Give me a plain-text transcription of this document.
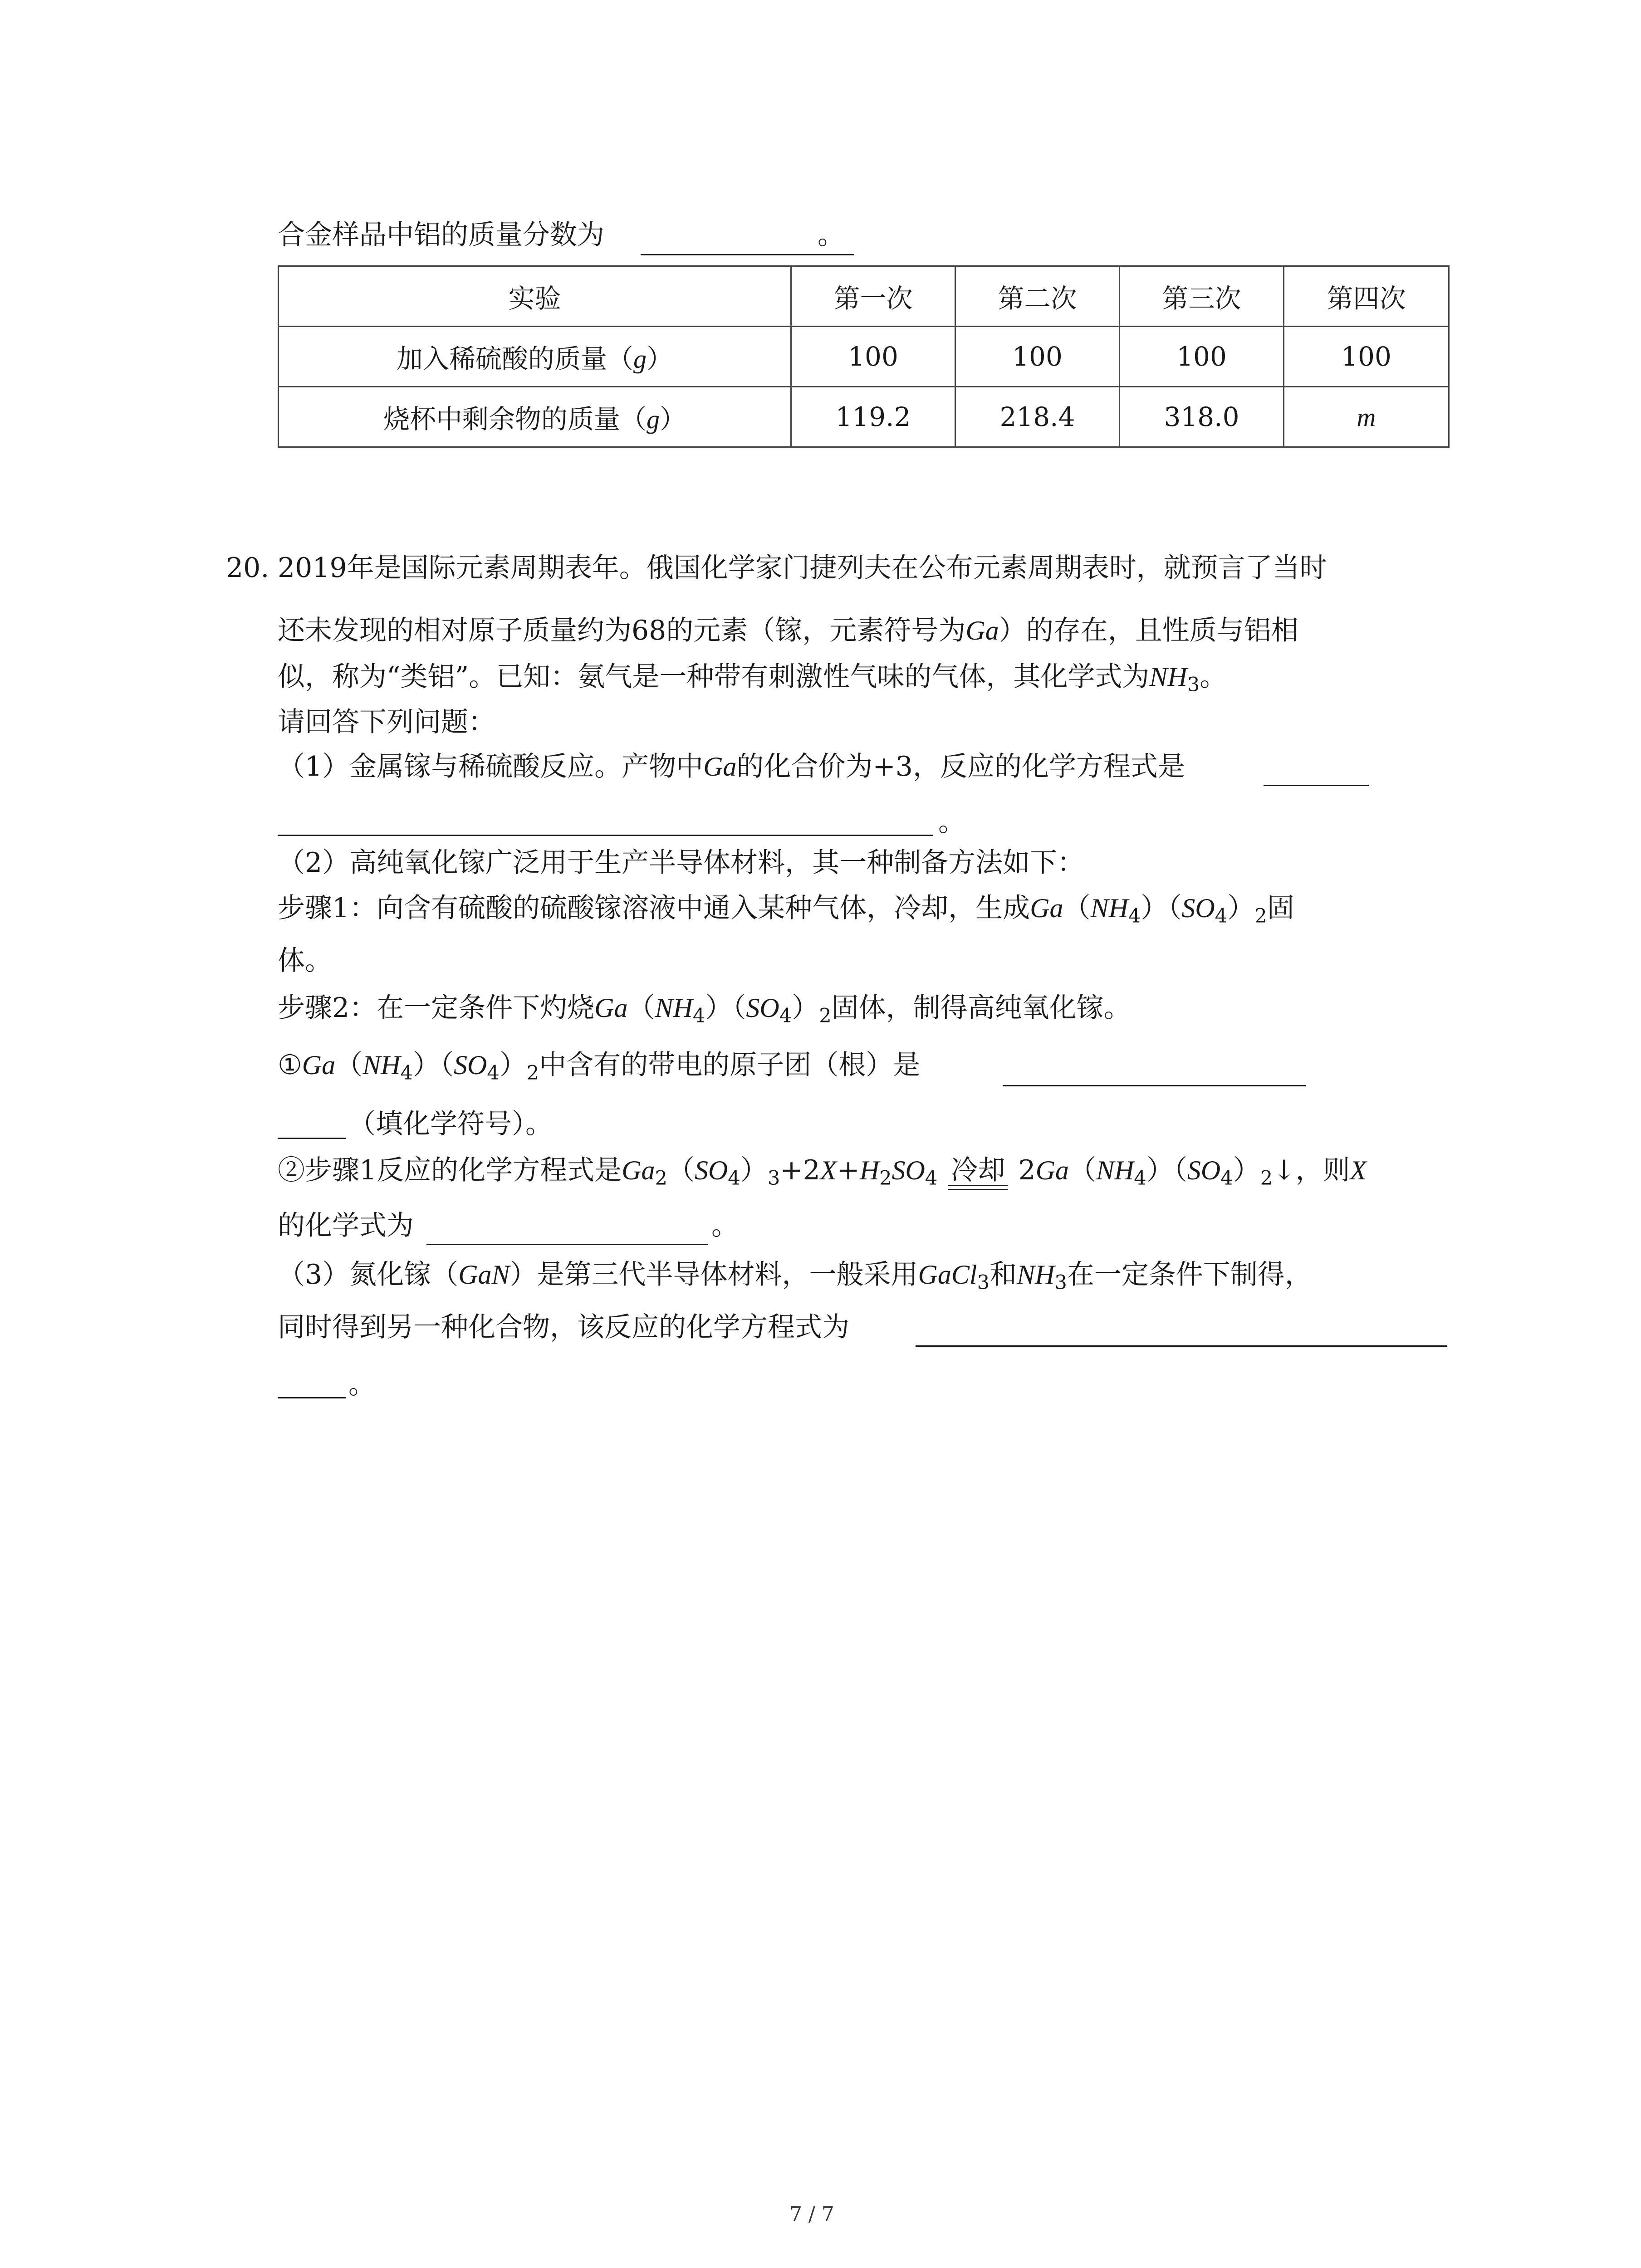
合金样品中铝的质量分数为	。
实验	第一次	第二次	第三次	第四次
加入稀硫酸的质量（g）	100	100	100	100
烧杯中剩余物的质量（g）	119.2	218.4	318.0	m
20. 2019年是国际元素周期表年。俄国化学家门捷列夫在公布元素周期表时，就预言了当时
还未发现的相对原子质量约为68的元素（镓，元素符号为Ga）的存在，且性质与铝相
似，称为“类铝”。已知：氨气是一种带有刺激性气味的气体，其化学式为$NH_3$。
请回答下列问题：
（1）金属镓与稀硫酸反应。产物中Ga的化合价为+3，反应的化学方程式是
。
（2）高纯氧化镓广泛用于生产半导体材料，其一种制备方法如下：
步骤1：向含有硫酸的硫酸镓溶液中通入某种气体，冷却，生成$Ga(NH_4)(SO_4)_2$固
体。
步骤2：在一定条件下灼烧$Ga(NH_4)(SO_4)_2$固体，制得高纯氧化镓。
$①Ga(NH_4)(SO_4)_2$中含有的带电的原子团（根）是
（填化学符号）。
②步骤1反应的化学方程式是$Ga_2(SO_4)_3+2X+H_2SO_4$ 冷却 $2Ga(NH_4)(SO_4)_2↓$，则X
的化学式为	。
（3）氮化镓（GaN）是第三代半导体材料，一般采用GaCl$_3$和$NH_3$在一定条件下制得，
同时得到另一种化合物，该反应的化学方程式为
。
7 / 7
